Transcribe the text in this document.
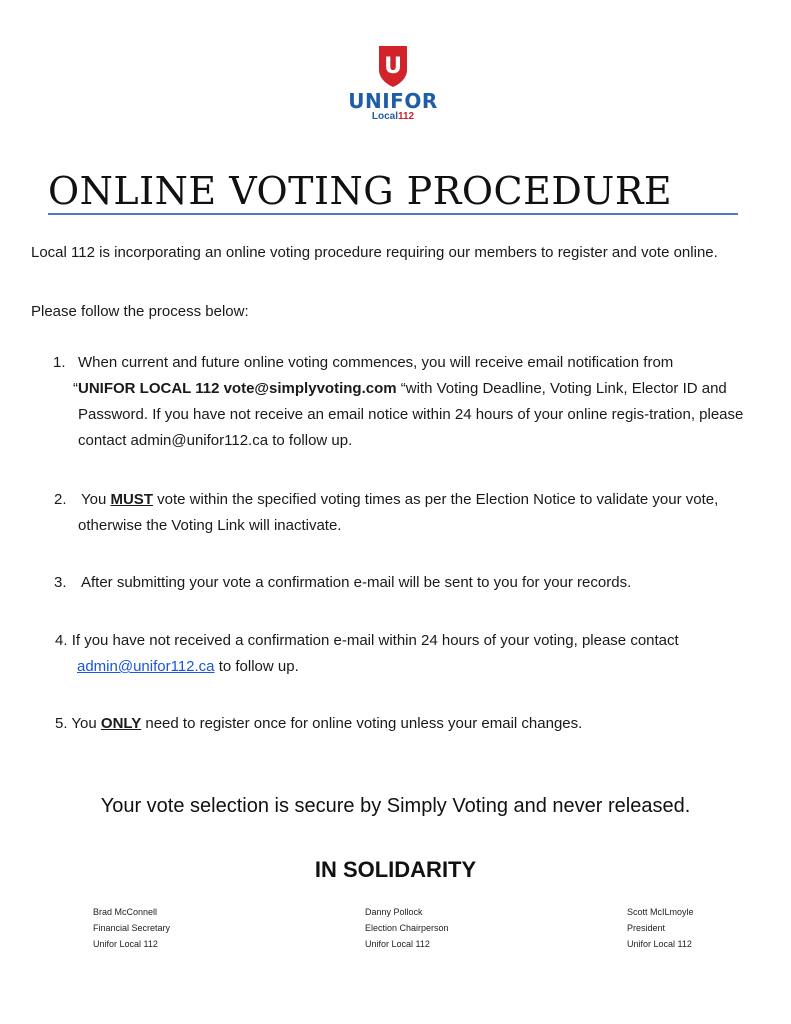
U
UNIFOR
Local112
ONLINE VOTING PROCEDURE

Local 112 is incorporating an online voting procedure requiring our members to register and vote online.

Please follow the process below:

1. When current and future online voting commences, you will receive email notification from
“UNIFOR LOCAL 112 vote@simplyvoting.com “with Voting Deadline, Voting Link, Elector ID and Password. If you have not receive an email notice within 24 hours of your online regis-tration, please contact admin@unifor112.ca to follow up.

2. You MUST vote within the specified voting times as per the Election Notice to validate your vote, otherwise the Voting Link will inactivate.

3. After submitting your vote a confirmation e-mail will be sent to you for your records.

4. If you have not received a confirmation e-mail within 24 hours of your voting, please contact
admin@unifor112.ca to follow up.

5. You ONLY need to register once for online voting unless your email changes.

Your vote selection is secure by Simply Voting and never released.
IN SOLIDARITY
Brad McConnell
Financial Secretary
Unifor Local 112
Danny Pollock
Election Chairperson
Unifor Local 112
Scott McILmoyle
President
Unifor Local 112
